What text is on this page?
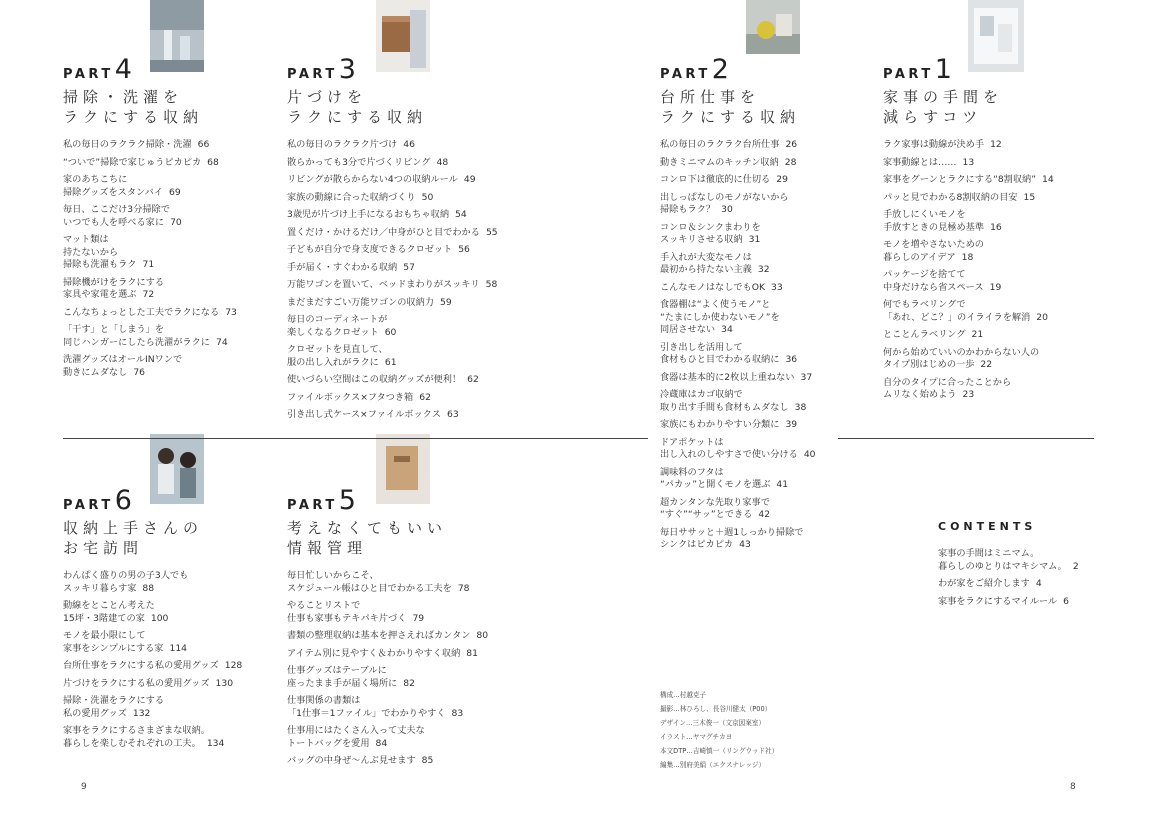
PART4
掃除・洗濯を
ラクにする収納
私の毎日のラクラク掃除・洗濯 66
“ついで”掃除で家じゅうピカピカ 68
家のあちこちに
掃除グッズをスタンバイ 69
毎日、ここだけ3分掃除で
いつでも人を呼べる家に 70
マット類は
持たないから
掃除も洗濯もラク 71
掃除機がけをラクにする
家具や家電を選ぶ 72
こんなちょっとした工夫でラクになる 73
「干す」と「しまう」を
同じハンガーにしたら洗濯がラクに 74
洗濯グッズはオールINワンで
動きにムダなし 76
PART3
片づけを
ラクにする収納
私の毎日のラクラク片づけ 46
散らかっても3分で片づくリビング 48
リビングが散らからない4つの収納ルール 49
家族の動線に合った収納づくり 50
3歳児が片づけ上手になるおもちゃ収納 54
置くだけ・かけるだけ／中身がひと目でわかる 55
子どもが自分で身支度できるクロゼット 56
手が届く・すぐわかる収納 57
万能ワゴンを置いて、ベッドまわりがスッキリ 58
まだまだすごい万能ワゴンの収納力 59
毎日のコーディネートが
楽しくなるクロゼット 60
クロゼットを見直して、
服の出し入れがラクに 61
使いづらい空間はこの収納グッズが便利！ 62
ファイルボックス×フタつき箱 62
引き出し式ケース×ファイルボックス 63
PART2
台所仕事を
ラクにする収納
私の毎日のラクラク台所仕事 26
動きミニマムのキッチン収納 28
コンロ下は徹底的に仕切る 29
出しっぱなしのモノがないから
掃除もラク？ 30
コンロ＆シンクまわりを
スッキリさせる収納 31
手入れが大変なモノは
最初から持たない主義 32
こんなモノはなしでもOK 33
食器棚は“よく使うモノ”と
“たまにしか使わないモノ”を
同居させない 34
引き出しを活用して
食材もひと目でわかる収納に 36
食器は基本的に2枚以上重ねない 37
冷蔵庫はカゴ収納で
取り出す手間も食材もムダなし 38
家族にもわかりやすい分類に 39
ドアポケットは
出し入れのしやすさで使い分ける 40
調味料のフタは
“パカッ”と開くモノを選ぶ 41
超カンタンな先取り家事で
“すぐ”“サッ”とできる 42
毎日ササッと＋週1しっかり掃除で
シンクはピカピカ 43
PART1
家事の手間を
減らすコツ
ラク家事は動線が決め手 12
家事動線とは…… 13
家事をグーンとラクにする“8割収納” 14
パッと見でわかる8割収納の目安 15
手放しにくいモノを
手放すときの見極め基準 16
モノを増やさないための
暮らしのアイデア 18
パッケージを捨てて
中身だけなら省スペース 19
何でもラベリングで
「あれ、どこ？」のイライラを解消 20
とことんラベリング 21
何から始めていいのかわからない人の
タイプ別はじめの一歩 22
自分のタイプに合ったことから
ムリなく始めよう 23
PART6
収納上手さんの
お宅訪問
わんぱく盛りの男の子3人でも
スッキリ暮らす家 88
動線をとことん考えた
15坪・3階建ての家 100
モノを最小限にして
家事をシンプルにする家 114
台所仕事をラクにする私の愛用グッズ 128
片づけをラクにする私の愛用グッズ 130
掃除・洗濯をラクにする
私の愛用グッズ 132
家事をラクにするさまざまな収納。
暮らしを楽しむそれぞれの工夫。 134
PART5
考えなくてもいい
情報管理
毎日忙しいからこそ、
スケジュール帳はひと目でわかる工夫を 78
やることリストで
仕事も家事もテキパキ片づく 79
書類の整理収納は基本を押さえればカンタン 80
アイテム別に見やすく＆わかりやすく収納 81
仕事グッズはテーブルに
座ったまま手が届く場所に 82
仕事関係の書類は
「1仕事＝1ファイル」でわかりやすく 83
仕事用にはたくさん入って丈夫な
トートバッグを愛用 84
バッグの中身ぜ〜んぶ見せます 85
CONTENTS
家事の手間はミニマム。
暮らしのゆとりはマキシマム。 2
わが家をご紹介します 4
家事をラクにするマイルール 6
構成…村越克子
撮影…林ひろし、長谷川健太（P00）
デザイン…三木俊一（文京図案室）
イラスト…ヤマグチカヨ
本文DTP…吉崎慎一（リングウッド社）
編集…別府美絹（エクスナレッジ）
9	8
